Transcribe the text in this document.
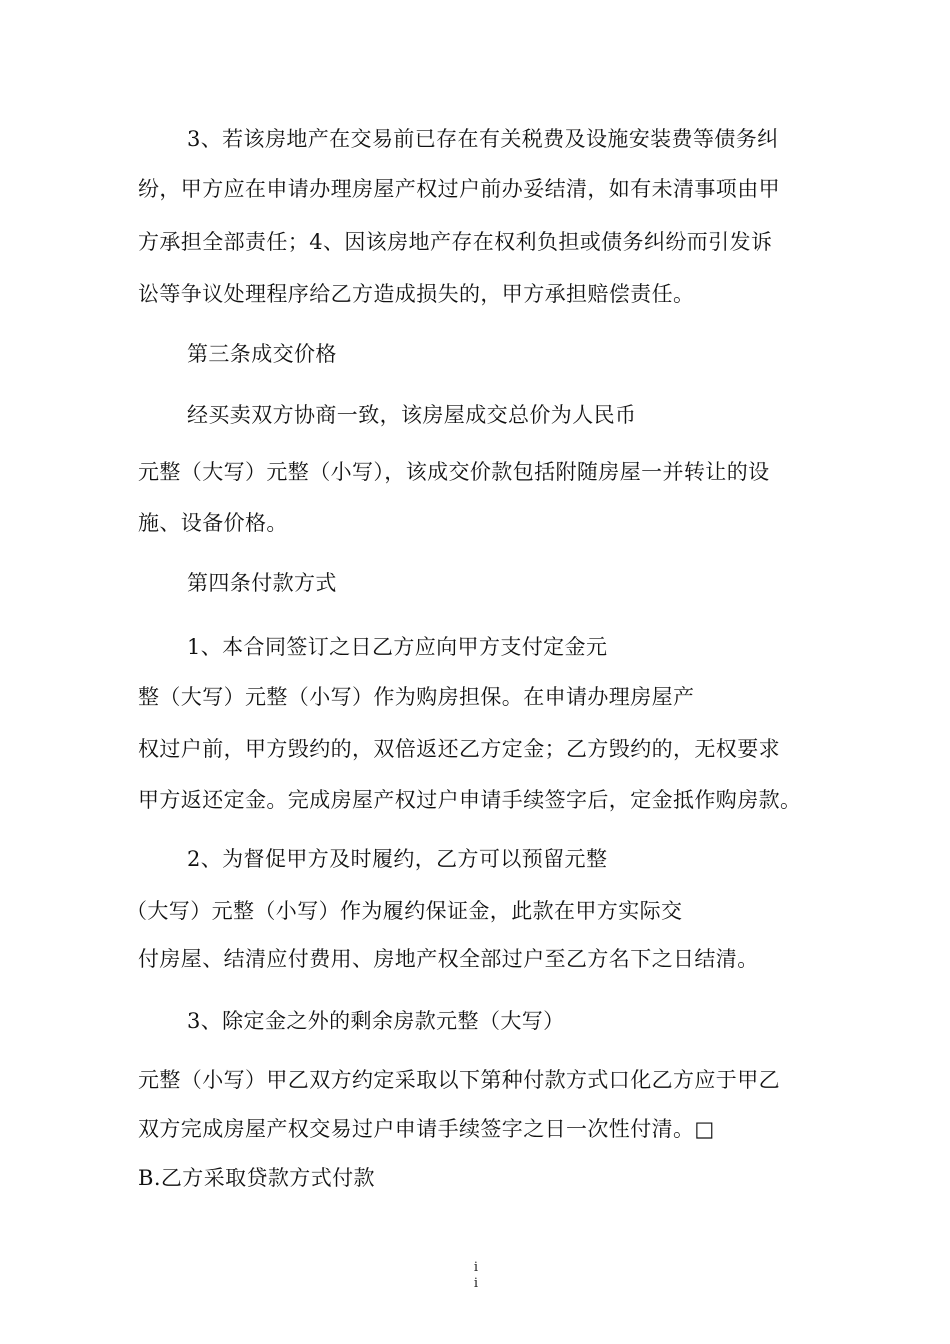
3、若该房地产在交易前已存在有关税费及设施安装费等债务纠
纷，甲方应在申请办理房屋产权过户前办妥结清，如有未清事项由甲
方承担全部责任；4、因该房地产存在权利负担或债务纠纷而引发诉
讼等争议处理程序给乙方造成损失的，甲方承担赔偿责任。
第三条成交价格
经买卖双方协商一致，该房屋成交总价为人民币
元整（大写）元整（小写），该成交价款包括附随房屋一并转让的设
施、设备价格。
第四条付款方式
1、本合同签订之日乙方应向甲方支付定金元
整（大写）元整（小写）作为购房担保。在申请办理房屋产
权过户前，甲方毁约的，双倍返还乙方定金；乙方毁约的，无权要求
甲方返还定金。完成房屋产权过户申请手续签字后，定金抵作购房款。
2、为督促甲方及时履约，乙方可以预留元整
（大写）元整（小写）作为履约保证金，此款在甲方实际交
付房屋、结清应付费用、房地产权全部过户至乙方名下之日结清。
3、除定金之外的剩余房款元整（大写）
元整（小写）甲乙双方约定采取以下第种付款方式口化乙方应于甲乙
双方完成房屋产权交易过户申请手续签字之日一次性付清。□
B.乙方采取贷款方式付款
i
i
